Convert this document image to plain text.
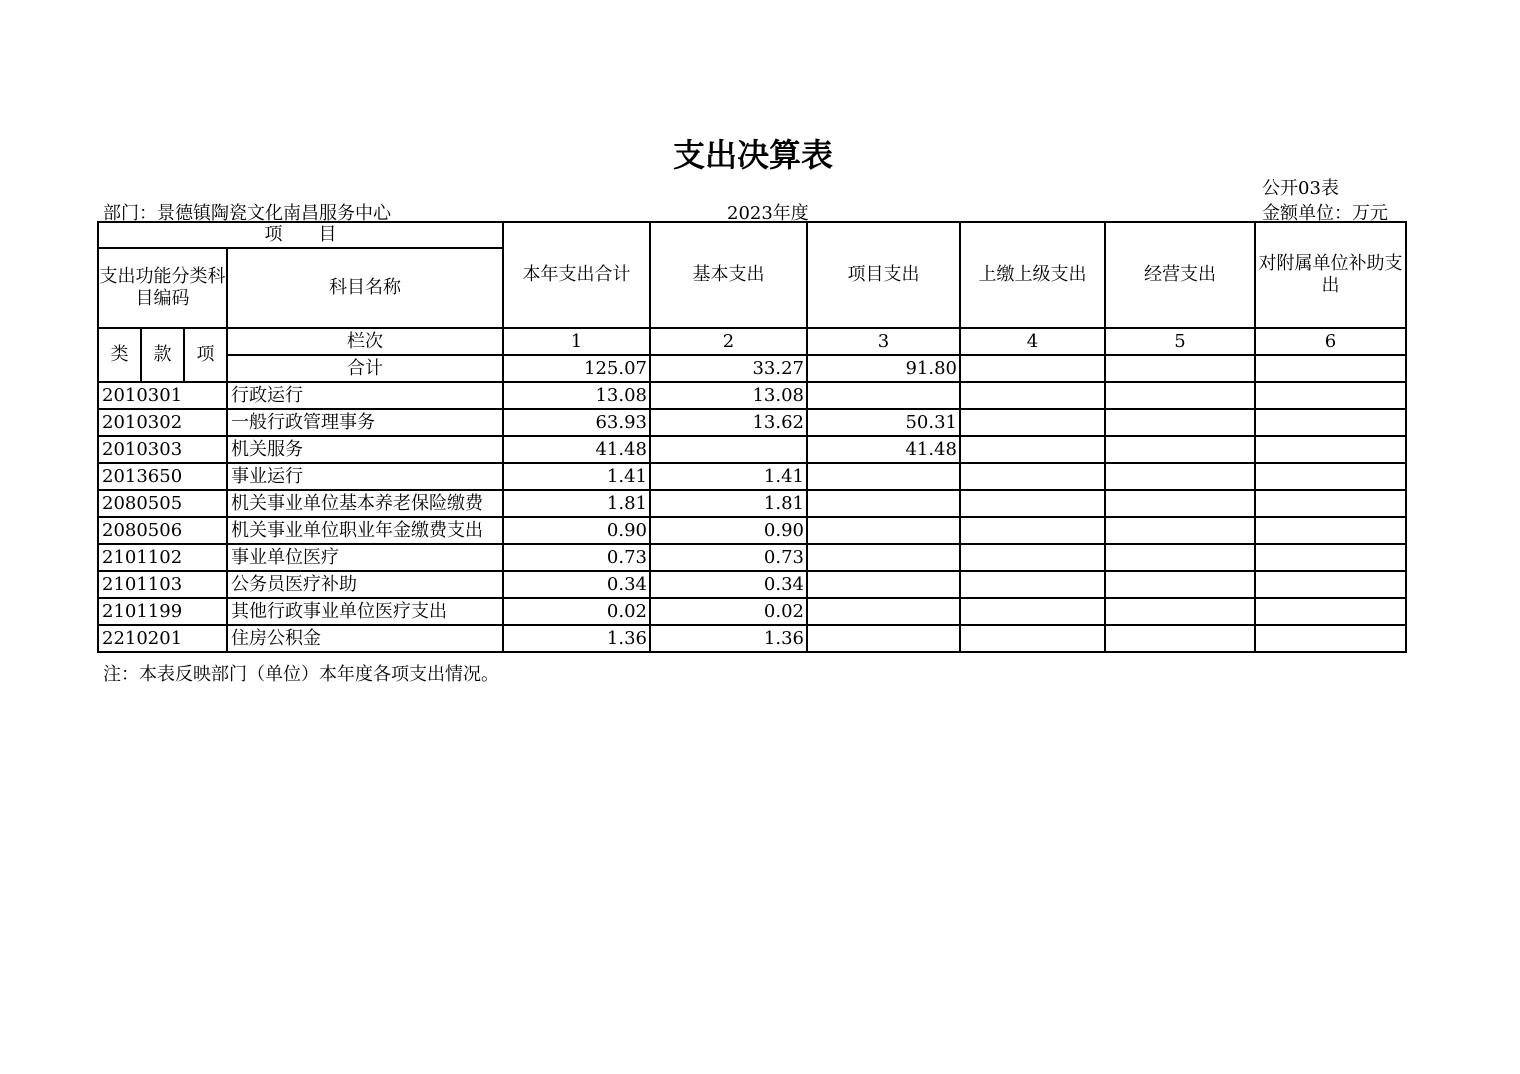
支出决算表
部门：景德镇陶瓷文化南昌服务中心	2023年度
公开03表
金额单位：万元
项　　目				本年支出合计	基本支出	项目支出	上缴上级支出	经营支出	对附属单位补助支出
支出功能分类科目编码			科目名称						
类	款	项	栏次	1	2	3	4	5	6
			合计	125.07	33.27	91.80			
2010301			行政运行	13.08	13.08				
2010302			一般行政管理事务	63.93	13.62	50.31			
2010303			机关服务	41.48		41.48			
2013650			事业运行	1.41	1.41				
2080505			机关事业单位基本养老保险缴费	1.81	1.81				
2080506			机关事业单位职业年金缴费支出	0.90	0.90				
2101102			事业单位医疗	0.73	0.73				
2101103			公务员医疗补助	0.34	0.34				
2101199			其他行政事业单位医疗支出	0.02	0.02				
2210201			住房公积金	1.36	1.36				
注：本表反映部门（单位）本年度各项支出情况。
